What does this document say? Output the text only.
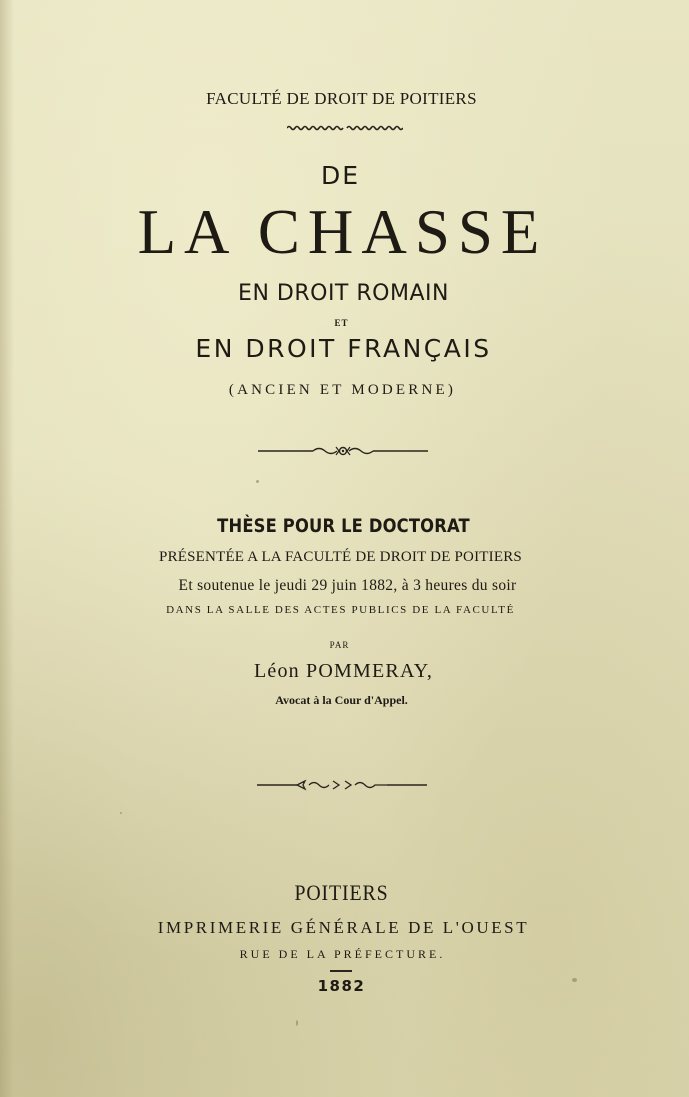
FACULTÉ DE DROIT DE POITIERS
DE
LA CHASSE
EN DROIT ROMAIN
ET
EN DROIT FRANÇAIS
(ANCIEN ET MODERNE)
THÈSE POUR LE DOCTORAT
PRÉSENTÉE A LA FACULTÉ DE DROIT DE POITIERS
Et soutenue le jeudi 29 juin 1882, à 3 heures du soir
DANS LA SALLE DES ACTES PUBLICS DE LA FACULTÉ
PAR
Léon POMMERAY,
Avocat à la Cour d'Appel.
POITIERS
IMPRIMERIE GÉNÉRALE DE L'OUEST
RUE DE LA PRÉFECTURE.
1882
